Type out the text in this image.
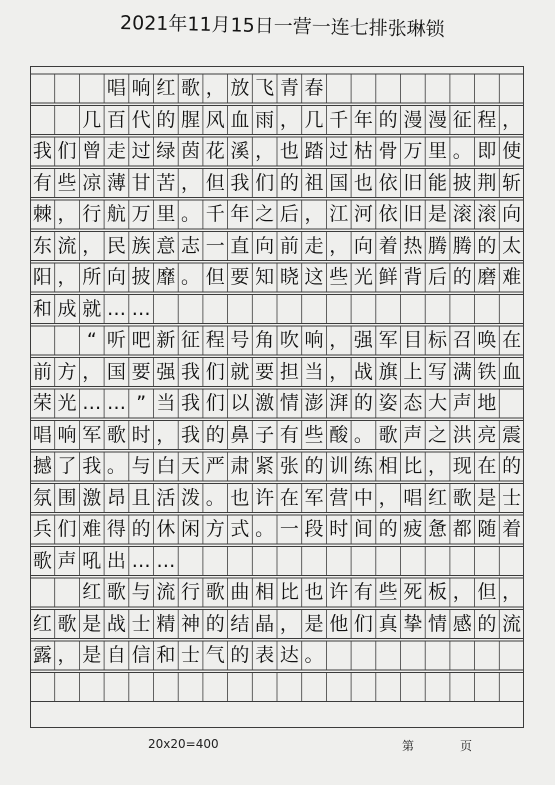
2021年11月15日一营一连七排张琳锁
唱 响 红 歌 ， 放 飞 青 春
几 百 代 的 腥 风 血 雨 ， 几 千 年 的 漫 漫 征 程 ，
我 们 曾 走 过 绿 茵 花 溪 ， 也 踏 过 枯 骨 万 里 。 即 使
有 些 凉 薄 甘 苦 ， 但 我 们 的 祖 国 也 依 旧 能 披 荆 斩
棘 ， 行 航 万 里 。 千 年 之 后 ， 江 河 依 旧 是 滚 滚 向
东 流 ， 民 族 意 志 一 直 向 前 走 ， 向 着 热 腾 腾 的 太
阳 ， 所 向 披 靡 。 但 要 知 晓 这 些 光 鲜 背 后 的 磨 难
和 成 就 … …
“ 听 吧 新 征 程 号 角 吹 响 ， 强 军 目 标 召 唤 在
前 方 ， 国 要 强 我 们 就 要 担 当 ， 战 旗 上 写 满 铁 血
荣 光 … … ” 当 我 们 以 激 情 澎 湃 的 姿 态 大 声 地
唱 响 军 歌 时 ， 我 的 鼻 子 有 些 酸 。 歌 声 之 洪 亮 震
撼 了 我 。 与 白 天 严 肃 紧 张 的 训 练 相 比 ， 现 在 的
氛 围 激 昂 且 活 泼 。 也 许 在 军 营 中 ， 唱 红 歌 是 士
兵 们 难 得 的 休 闲 方 式 。 一 段 时 间 的 疲 惫 都 随 着
歌 声 吼 出 … …
红 歌 与 流 行 歌 曲 相 比 也 许 有 些 死 板 ， 但 ，
红 歌 是 战 士 精 神 的 结 晶 ， 是 他 们 真 挚 情 感 的 流
露 ， 是 自 信 和 士 气 的 表 达 。
20x20=400	第	页
